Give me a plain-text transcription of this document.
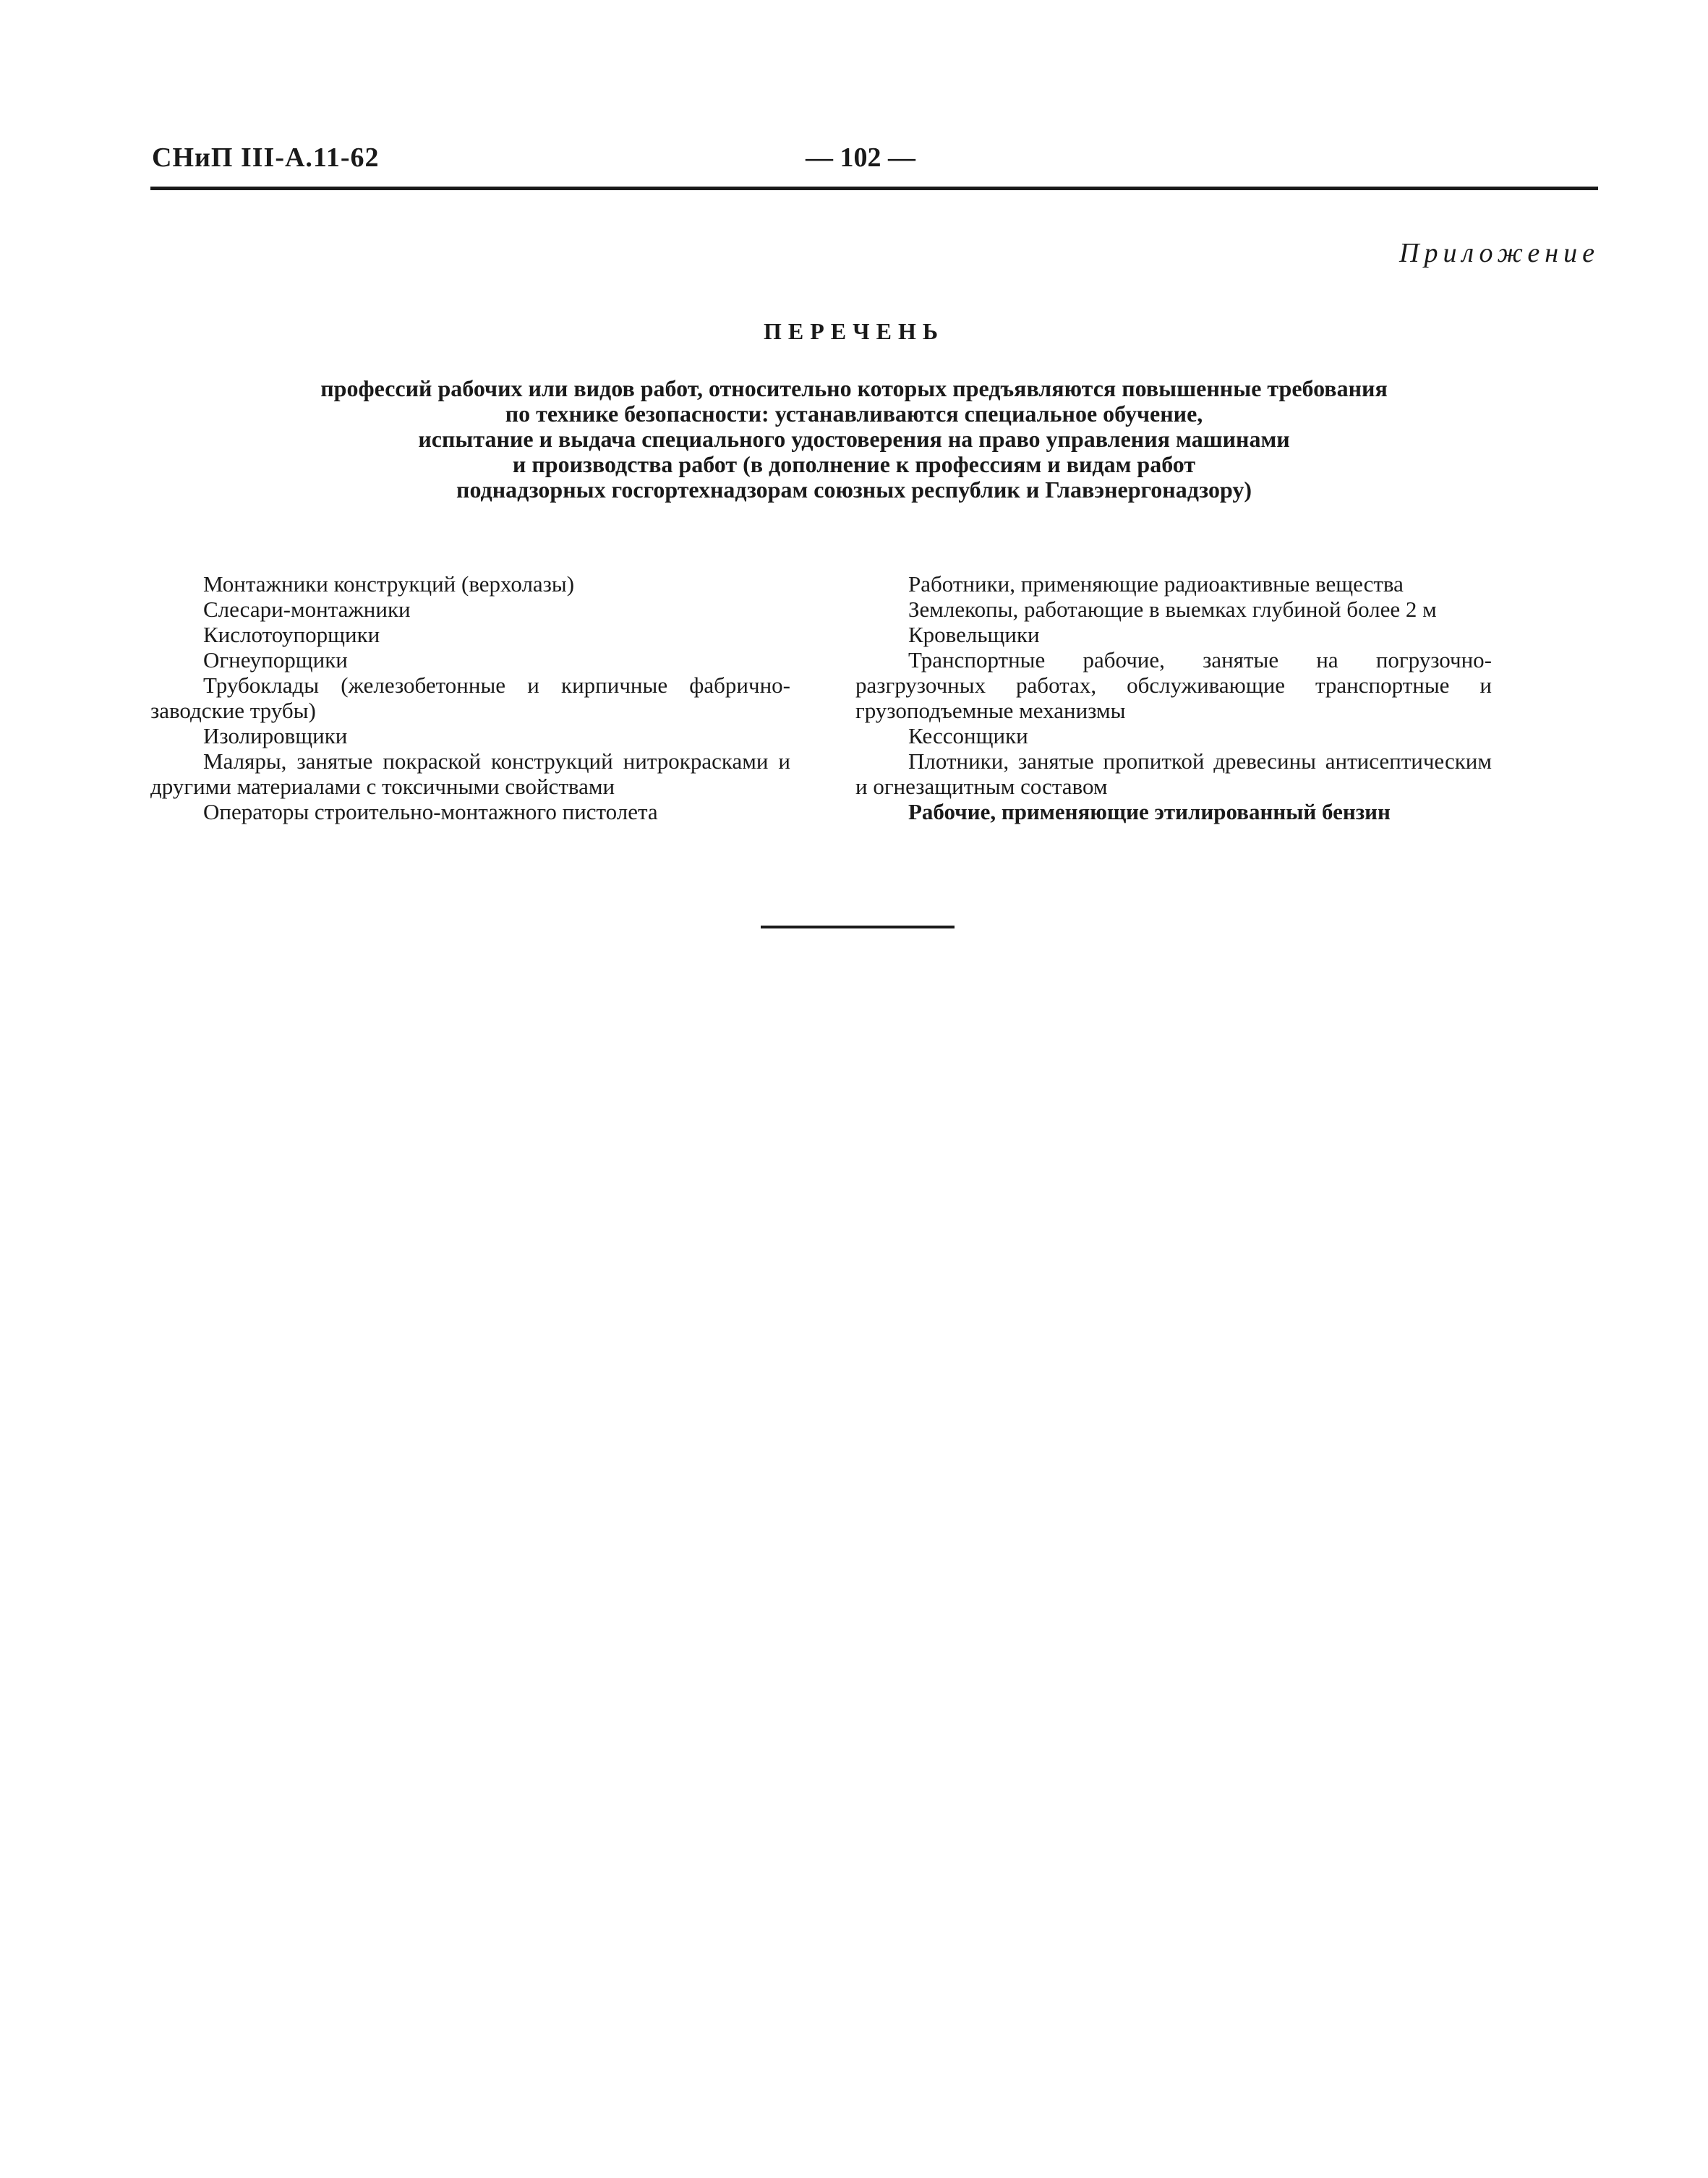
СНиП III-А.11-62	— 102 —
Приложение
ПЕРЕЧЕНЬ
профессий рабочих или видов работ, относительно которых предъявляются повышенные требования
по технике безопасности: устанавливаются специальное обучение,
испытание и выдача специального удостоверения на право управления машинами
и производства работ (в дополнение к профессиям и видам работ
поднадзорных госгортехнадзорам союзных республик и Главэнергонадзору)

Монтажники конструкций (верхолазы)

Слесари-монтажники

Кислотоупорщики

Огнеупорщики

Трубоклады (железобетонные и кирпичные фабрично-заводские трубы)

Изолировщики

Маляры, занятые покраской конструкций нитрокрасками и другими материалами с токсичными свойствами

Операторы строительно-монтажного пистолета

Работники, применяющие радиоактивные вещества

Землекопы, работающие в выемках глубиной более 2 м

Кровельщики

Транспортные рабочие, занятые на погрузочно-разгрузочных работах, обслуживающие транспортные и грузоподъемные механизмы

Кессонщики

Плотники, занятые пропиткой древесины антисептическим и огнезащитным составом

Рабочие, применяющие этилированный бензин
